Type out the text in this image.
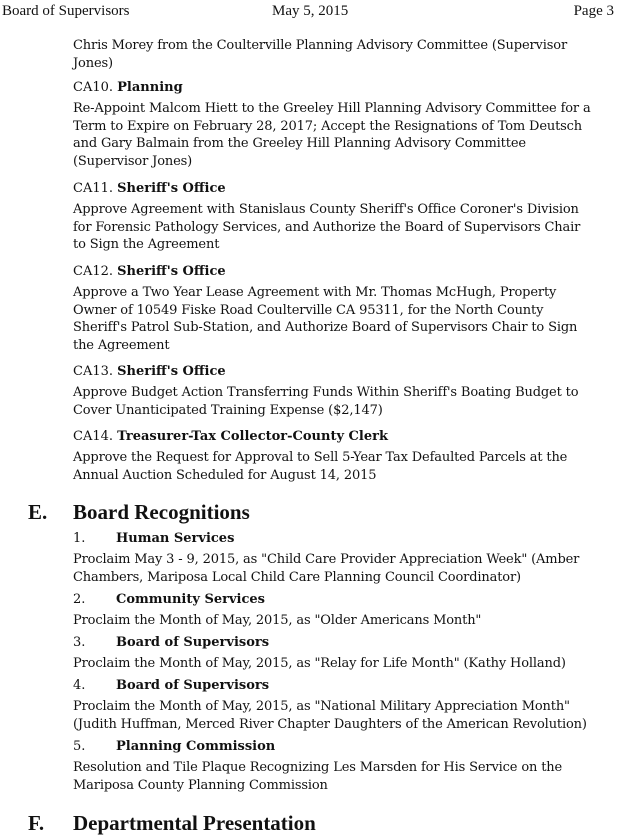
Board of Supervisors	May 5, 2015	Page 3
Chris Morey from the Coulterville Planning Advisory Committee (Supervisor Jones)
CA10. Planning
Re-Appoint Malcom Hiett to the Greeley Hill Planning Advisory Committee for a Term to Expire on February 28, 2017; Accept the Resignations of Tom Deutsch and Gary Balmain from the Greeley Hill Planning Advisory Committee (Supervisor Jones)
CA11. Sheriff's Office
Approve Agreement with Stanislaus County Sheriff's Office Coroner's Division for Forensic Pathology Services, and Authorize the Board of Supervisors Chair to Sign the Agreement
CA12. Sheriff's Office
Approve a Two Year Lease Agreement with Mr. Thomas McHugh, Property Owner of 10549 Fiske Road Coulterville CA 95311, for the North County Sheriff's Patrol Sub-Station, and Authorize Board of Supervisors Chair to Sign the Agreement
CA13. Sheriff's Office
Approve Budget Action Transferring Funds Within Sheriff's Boating Budget to Cover Unanticipated Training Expense ($2,147)
CA14. Treasurer-Tax Collector-County Clerk
Approve the Request for Approval to Sell 5-Year Tax Defaulted Parcels at the Annual Auction Scheduled for August 14, 2015
E. Board Recognitions
1. Human Services
Proclaim May 3 - 9, 2015, as "Child Care Provider Appreciation Week" (Amber Chambers, Mariposa Local Child Care Planning Council Coordinator)
2. Community Services
Proclaim the Month of May, 2015, as "Older Americans Month"
3. Board of Supervisors
Proclaim the Month of May, 2015, as "Relay for Life Month" (Kathy Holland)
4. Board of Supervisors
Proclaim the Month of May, 2015, as "National Military Appreciation Month" (Judith Huffman, Merced River Chapter Daughters of the American Revolution)
5. Planning Commission
Resolution and Tile Plaque Recognizing Les Marsden for His Service on the Mariposa County Planning Commission
F. Departmental Presentation
